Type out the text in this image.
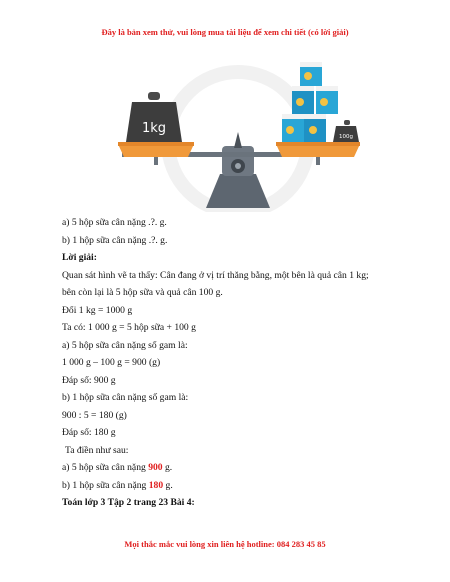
Đây là bản xem thử, vui lòng mua tài liệu để xem chi tiết (có lời giải)
1kg
100g
a) 5 hộp sữa cân nặng .?. g.
b) 1 hộp sữa cân nặng .?. g.
Lời giải:
Quan sát hình vẽ ta thấy: Cân đang ở vị trí thăng bằng, một bên là quả cân 1 kg;
bên còn lại là 5 hộp sữa và quả cân 100 g.
Đổi 1 kg = 1000 g
Ta có: 1 000 g = 5 hộp sữa + 100 g
a) 5 hộp sữa cân nặng số gam là:
1 000 g – 100 g = 900 (g)
Đáp số: 900 g
b) 1 hộp sữa cân nặng số gam là:
900 : 5 = 180 (g)
Đáp số: 180 g
Ta điền như sau:
a) 5 hộp sữa cân nặng 900 g.
b) 1 hộp sữa cân nặng 180 g.
Toán lớp 3 Tập 2 trang 23 Bài 4:
Mọi thắc mắc vui lòng xin liên hệ hotline: 084 283 45 85
